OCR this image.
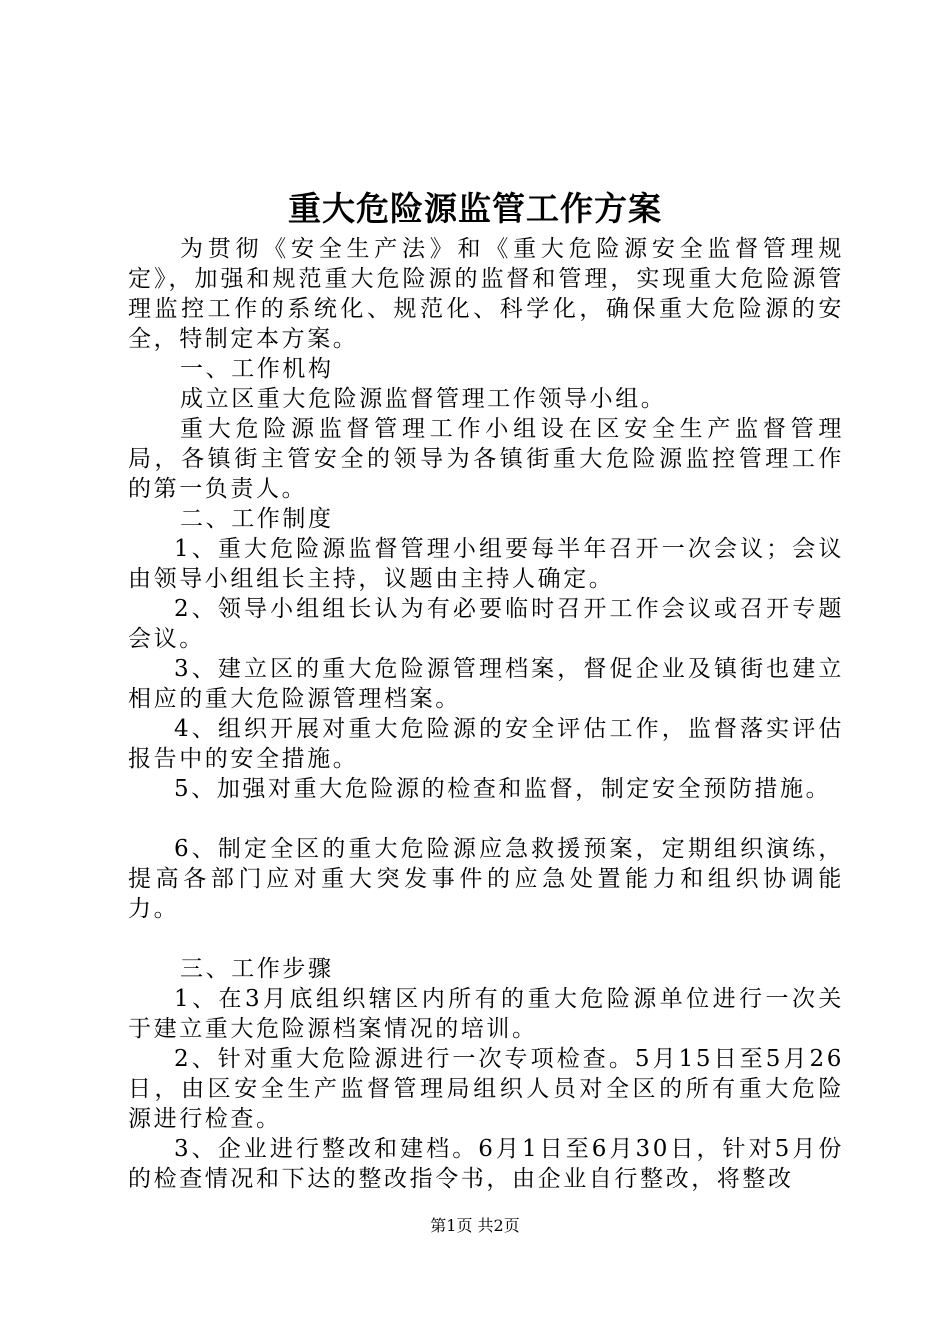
重大危险源监管工作方案

为贯彻《安全生产法》和《重大危险源安全监督管理规定》，加强和规范重大危险源的监督和管理，实现重大危险源管理监控工作的系统化、规范化、科学化，确保重大危险源的安全，特制定本方案。

一、工作机构

成立区重大危险源监督管理工作领导小组。

重大危险源监督管理工作小组设在区安全生产监督管理局，各镇街主管安全的领导为各镇街重大危险源监控管理工作的第一负责人。

二、工作制度

1、重大危险源监督管理小组要每半年召开一次会议；会议由领导小组组长主持，议题由主持人确定。

2、领导小组组长认为有必要临时召开工作会议或召开专题会议。

3、建立区的重大危险源管理档案，督促企业及镇街也建立相应的重大危险源管理档案。

4、组织开展对重大危险源的安全评估工作，监督落实评估报告中的安全措施。

5、加强对重大危险源的检查和监督，制定安全预防措施。

6、制定全区的重大危险源应急救援预案，定期组织演练，提高各部门应对重大突发事件的应急处置能力和组织协调能力。

三、工作步骤

1、在3月底组织辖区内所有的重大危险源单位进行一次关于建立重大危险源档案情况的培训。

2、针对重大危险源进行一次专项检查。5月15日至5月26日，由区安全生产监督管理局组织人员对全区的所有重大危险源进行检查。

3、企业进行整改和建档。6月1日至6月30日，针对5月份的检查情况和下达的整改指令书，由企业自行整改，将整改

第1页 共2页
